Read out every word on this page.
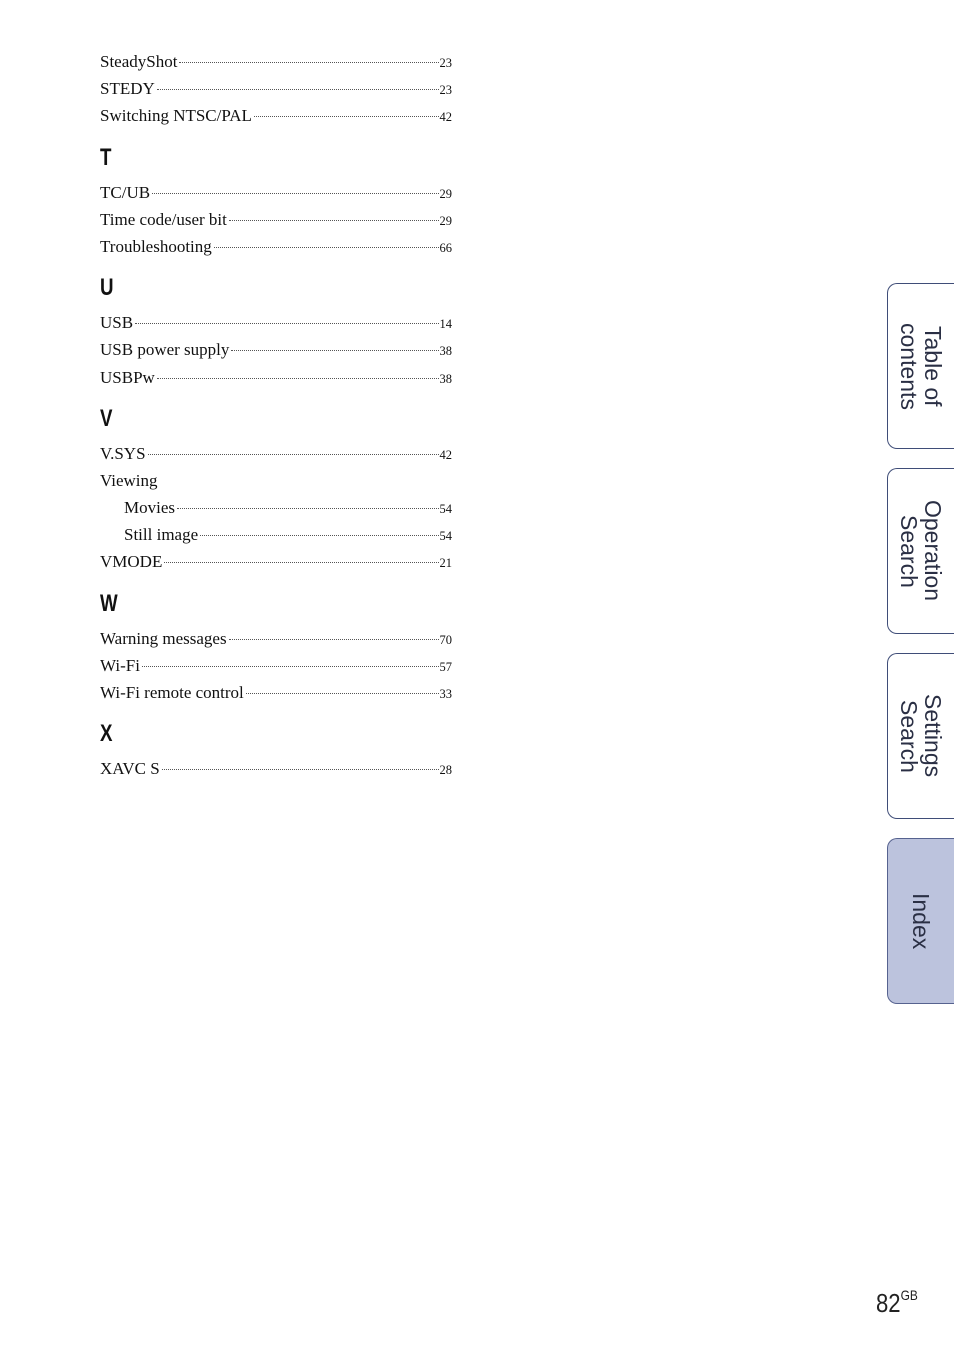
SteadyShot	23
STEDY	23
Switching NTSC/PAL	42
T
TC/UB	29
Time code/user bit	29
Troubleshooting	66
U
USB	14
USB power supply	38
USBPw	38
V
V.SYS	42
Viewing
Movies	54
Still image	54
VMODE	21
W
Warning messages	70
Wi-Fi	57
Wi-Fi remote control	33
X
XAVC S	28
Table of
contents
Operation
Search
Settings
Search
Index
$82^{GB}$
